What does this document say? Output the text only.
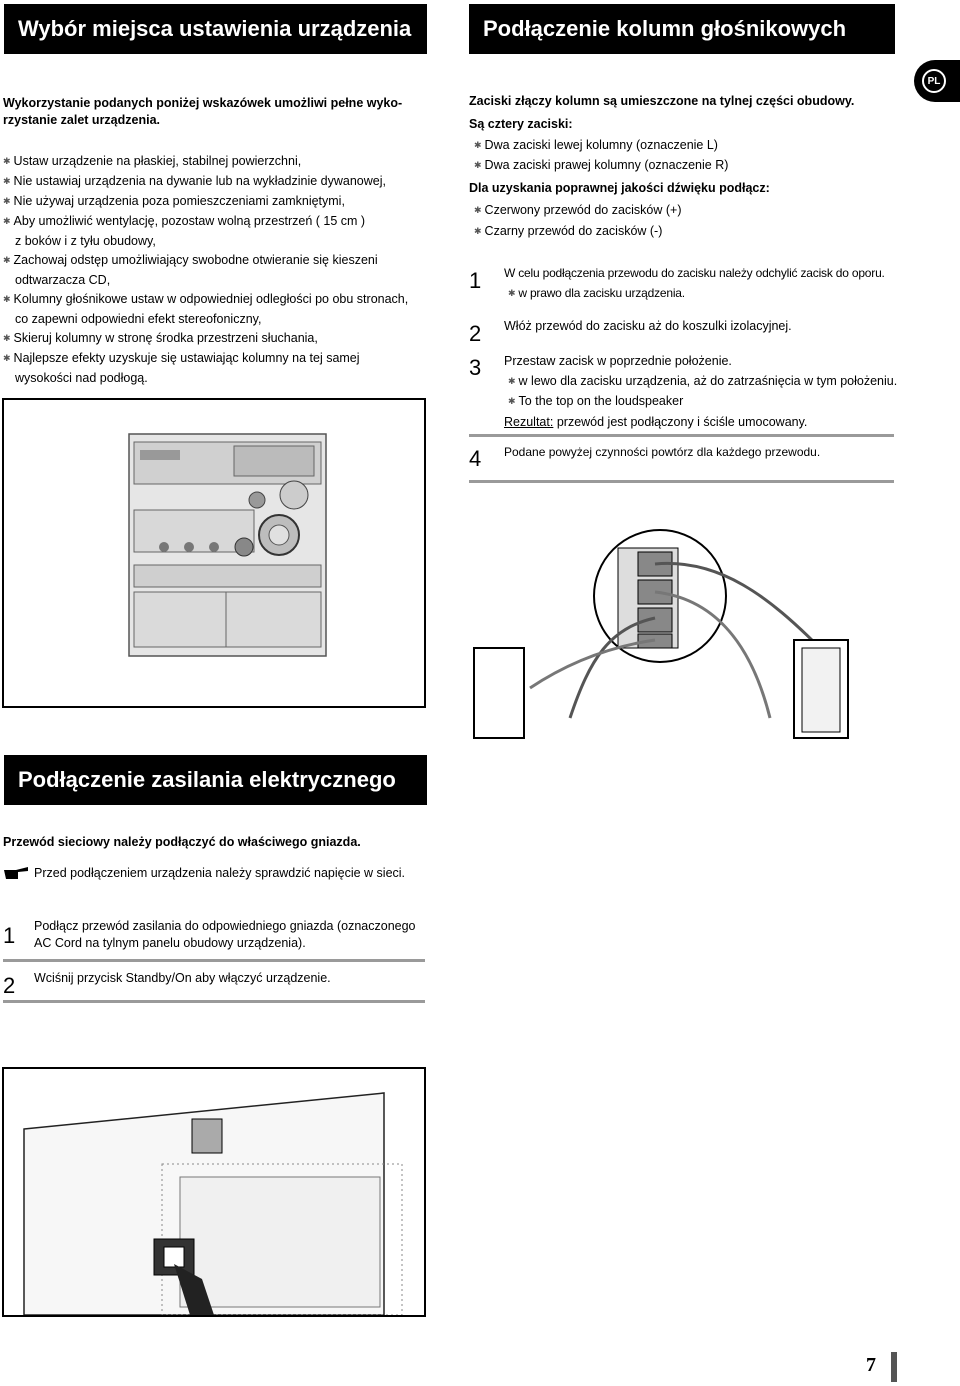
Wybór miejsca ustawienia urządzenia	Podłączenie kolumn głośnikowych
PL
Wykorzystanie podanych poniżej wskazówek umożliwi pełne wyko-
rzystanie zalet urządzenia.
✱ Ustaw urządzenie na płaskiej, stabilnej powierzchni,
✱ Nie ustawiaj urządzenia na dywanie lub na wykładzinie dywanowej,
✱ Nie używaj urządzenia poza pomieszczeniami zamkniętymi,
✱ Aby umożliwić wentylację, pozostaw wolną przestrzeń ( 15 cm )
z boków i z tyłu obudowy,
✱ Zachowaj odstęp umożliwiający swobodne otwieranie się kieszeni
odtwarzacza CD,
✱ Kolumny głośnikowe ustaw w odpowiedniej odległości po obu stronach,
co zapewni odpowiedni efekt stereofoniczny,
✱ Skieruj kolumny w stronę środka przestrzeni słuchania,
✱ Najlepsze efekty uzyskuje się ustawiając kolumny na tej samej
wysokości nad podłogą.
Zaciski złączy kolumn są umieszczone na tylnej części obudowy.
Są cztery zaciski:
✱ Dwa zaciski lewej kolumny (oznaczenie L)
✱ Dwa zaciski prawej kolumny (oznaczenie R)
Dla uzyskania poprawnej jakości dźwięku podłącz:
✱ Czerwony przewód do zacisków (+)
✱ Czarny przewód do zacisków (-)
1 W celu podłączenia przewodu do zacisku należy odchylić zacisk do oporu.
✱ w prawo dla zacisku urządzenia.
2 Włóż przewód do zacisku aż do koszulki izolacyjnej.
3 Przestaw zacisk w poprzednie położenie.
✱ w lewo dla zacisku urządzenia, aż do zatrzaśnięcia w tym położeniu.
✱ To the top on the loudspeaker
Rezultat: przewód jest podłączony i ściśle umocowany.
4 Podane powyżej czynności powtórz dla każdego przewodu.
Podłączenie zasilania elektrycznego
Przewód sieciowy należy podłączyć do właściwego gniazda.
Przed podłączeniem urządzenia należy sprawdzić napięcie w sieci.
1 Podłącz przewód zasilania do odpowiedniego gniazda (oznaczonego
AC Cord na tylnym panelu obudowy urządzenia).
2 Wciśnij przycisk Standby/On aby włączyć urządzenie.
7
